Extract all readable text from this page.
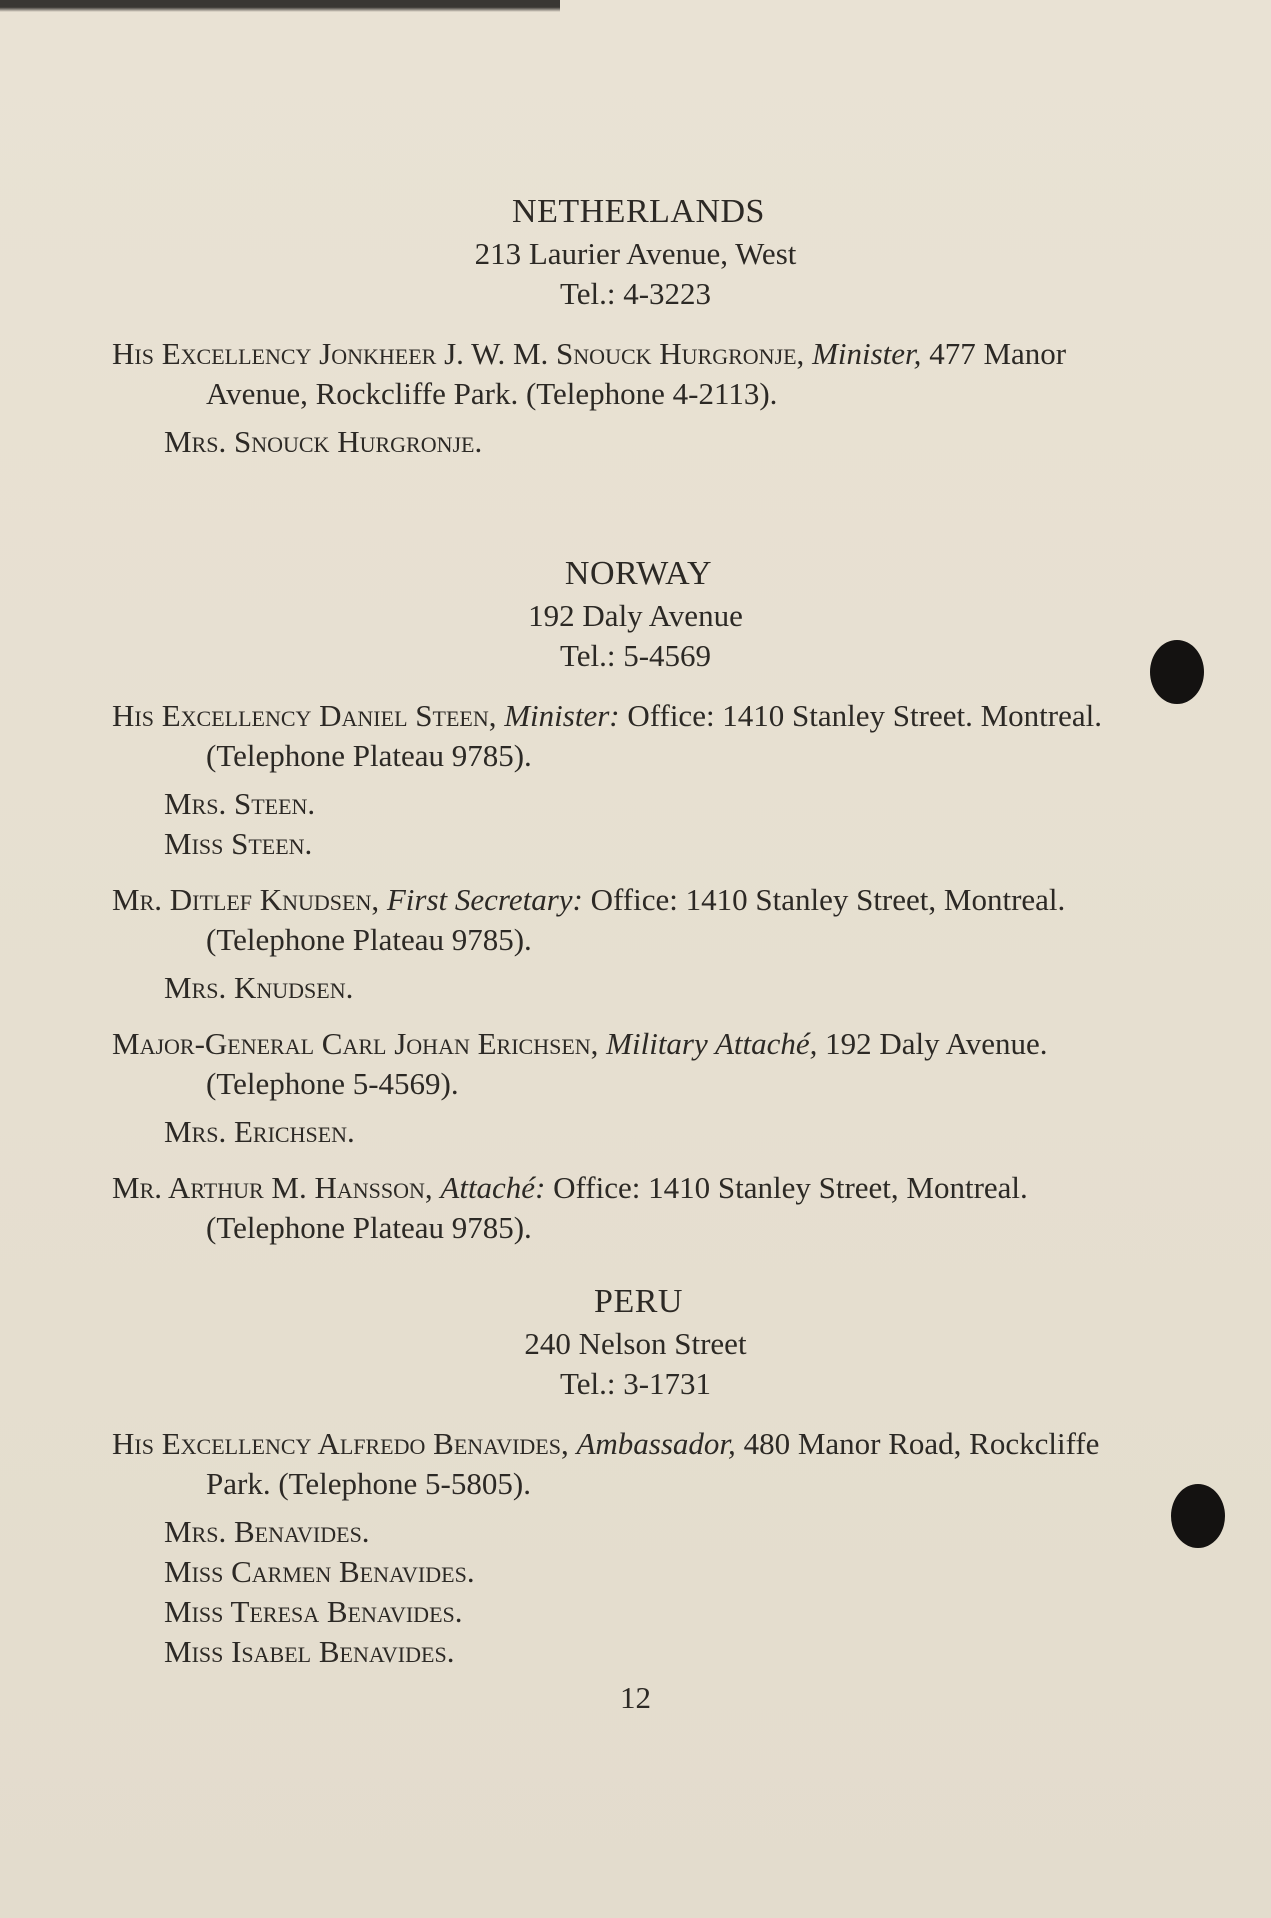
NETHERLANDS
213 Laurier Avenue, West
Tel.: 4-3223
His Excellency Jonkheer J. W. M. Snouck Hurgronje, Minister, 477 Manor Avenue, Rockcliffe Park. (Telephone 4-2113).
Mrs. Snouck Hurgronje.
NORWAY
192 Daly Avenue
Tel.: 5-4569
His Excellency Daniel Steen, Minister: Office: 1410 Stanley Street. Montreal. (Telephone Plateau 9785).
Mrs. Steen.
Miss Steen.
Mr. Ditlef Knudsen, First Secretary: Office: 1410 Stanley Street, Montreal. (Telephone Plateau 9785).
Mrs. Knudsen.
Major-General Carl Johan Erichsen, Military Attaché, 192 Daly Avenue. (Telephone 5-4569).
Mrs. Erichsen.
Mr. Arthur M. Hansson, Attaché: Office: 1410 Stanley Street, Montreal. (Telephone Plateau 9785).
PERU
240 Nelson Street
Tel.: 3-1731
His Excellency Alfredo Benavides, Ambassador, 480 Manor Road, Rockcliffe Park. (Telephone 5-5805).
Mrs. Benavides.
Miss Carmen Benavides.
Miss Teresa Benavides.
Miss Isabel Benavides.
12
